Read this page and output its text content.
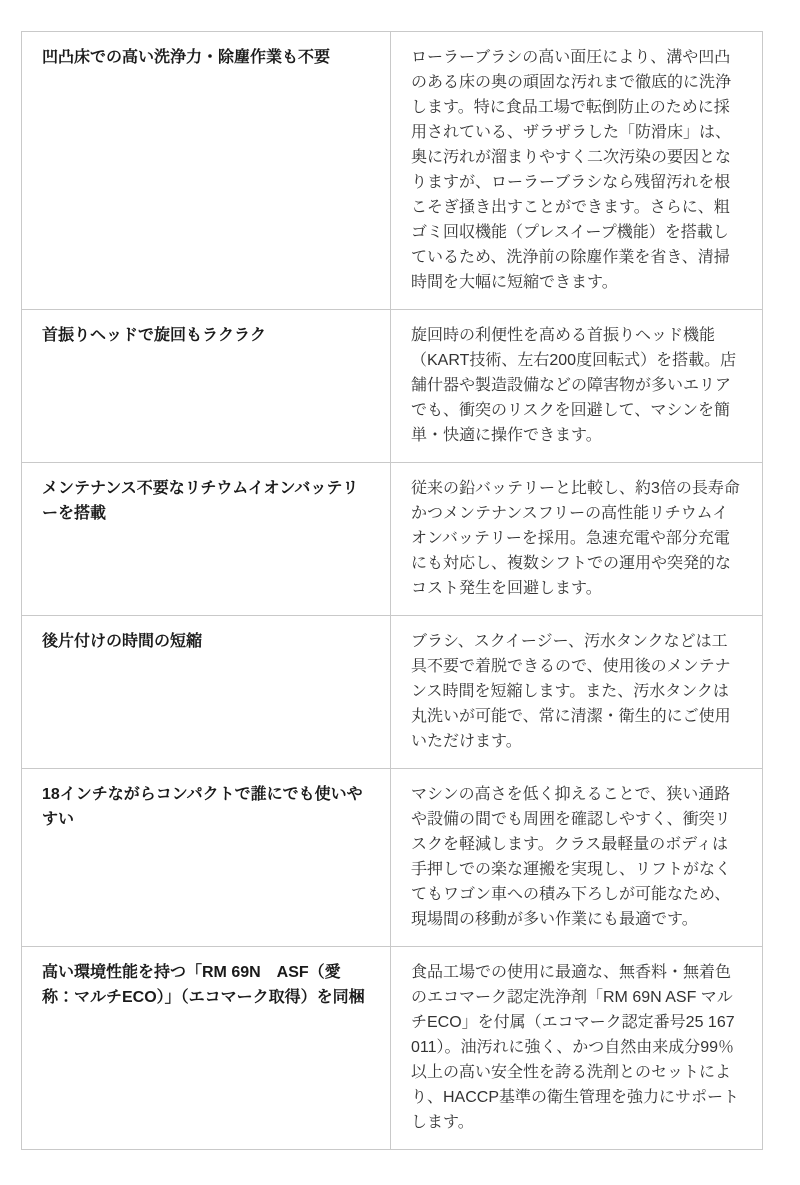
凹凸床での高い洗浄力・除塵作業も不要	ローラーブラシの高い面圧により、溝や凹凸のある床の奥の頑固な汚れまで徹底的に洗浄します。特に食品工場で転倒防止のために採用されている、ザラザラした「防滑床」は、奥に汚れが溜まりやすく二次汚染の要因となりますが、ローラーブラシなら残留汚れを根こそぎ掻き出すことができます。さらに、粗ゴミ回収機能（プレスイープ機能）を搭載しているため、洗浄前の除塵作業を省き、清掃時間を大幅に短縮できます。
首振りヘッドで旋回もラクラク	旋回時の利便性を高める首振りヘッド機能（KART技術、左右200度回転式）を搭載。店舗什器や製造設備などの障害物が多いエリアでも、衝突のリスクを回避して、マシンを簡単・快適に操作できます。
メンテナンス不要なリチウムイオンバッテリーを搭載	従来の鉛バッテリーと比較し、約3倍の長寿命かつメンテナンスフリーの高性能リチウムイオンバッテリーを採用。急速充電や部分充電にも対応し、複数シフトでの運用や突発的なコスト発生を回避します。
後片付けの時間の短縮	ブラシ、スクイージー、汚水タンクなどは工具不要で着脱できるので、使用後のメンテナンス時間を短縮します。また、汚水タンクは丸洗いが可能で、常に清潔・衛生的にご使用いただけます。
18インチながらコンパクトで誰にでも使いやすい	マシンの高さを低く抑えることで、狭い通路や設備の間でも周囲を確認しやすく、衝突リスクを軽減します。クラス最軽量のボディは手押しでの楽な運搬を実現し、リフトがなくてもワゴン車への積み下ろしが可能なため、現場間の移動が多い作業にも最適です。
高い環境性能を持つ「RM 69N　ASF（愛称：マルチECO）」（エコマーク取得）を同梱	食品工場での使用に最適な、無香料・無着色のエコマーク認定洗浄剤「RM 69N ASF マルチECO」を付属（エコマーク認定番号25 167 011）。油汚れに強く、かつ自然由来成分99％以上の高い安全性を誇る洗剤とのセットにより、HACCP基準の衛生管理を強力にサポートします。
